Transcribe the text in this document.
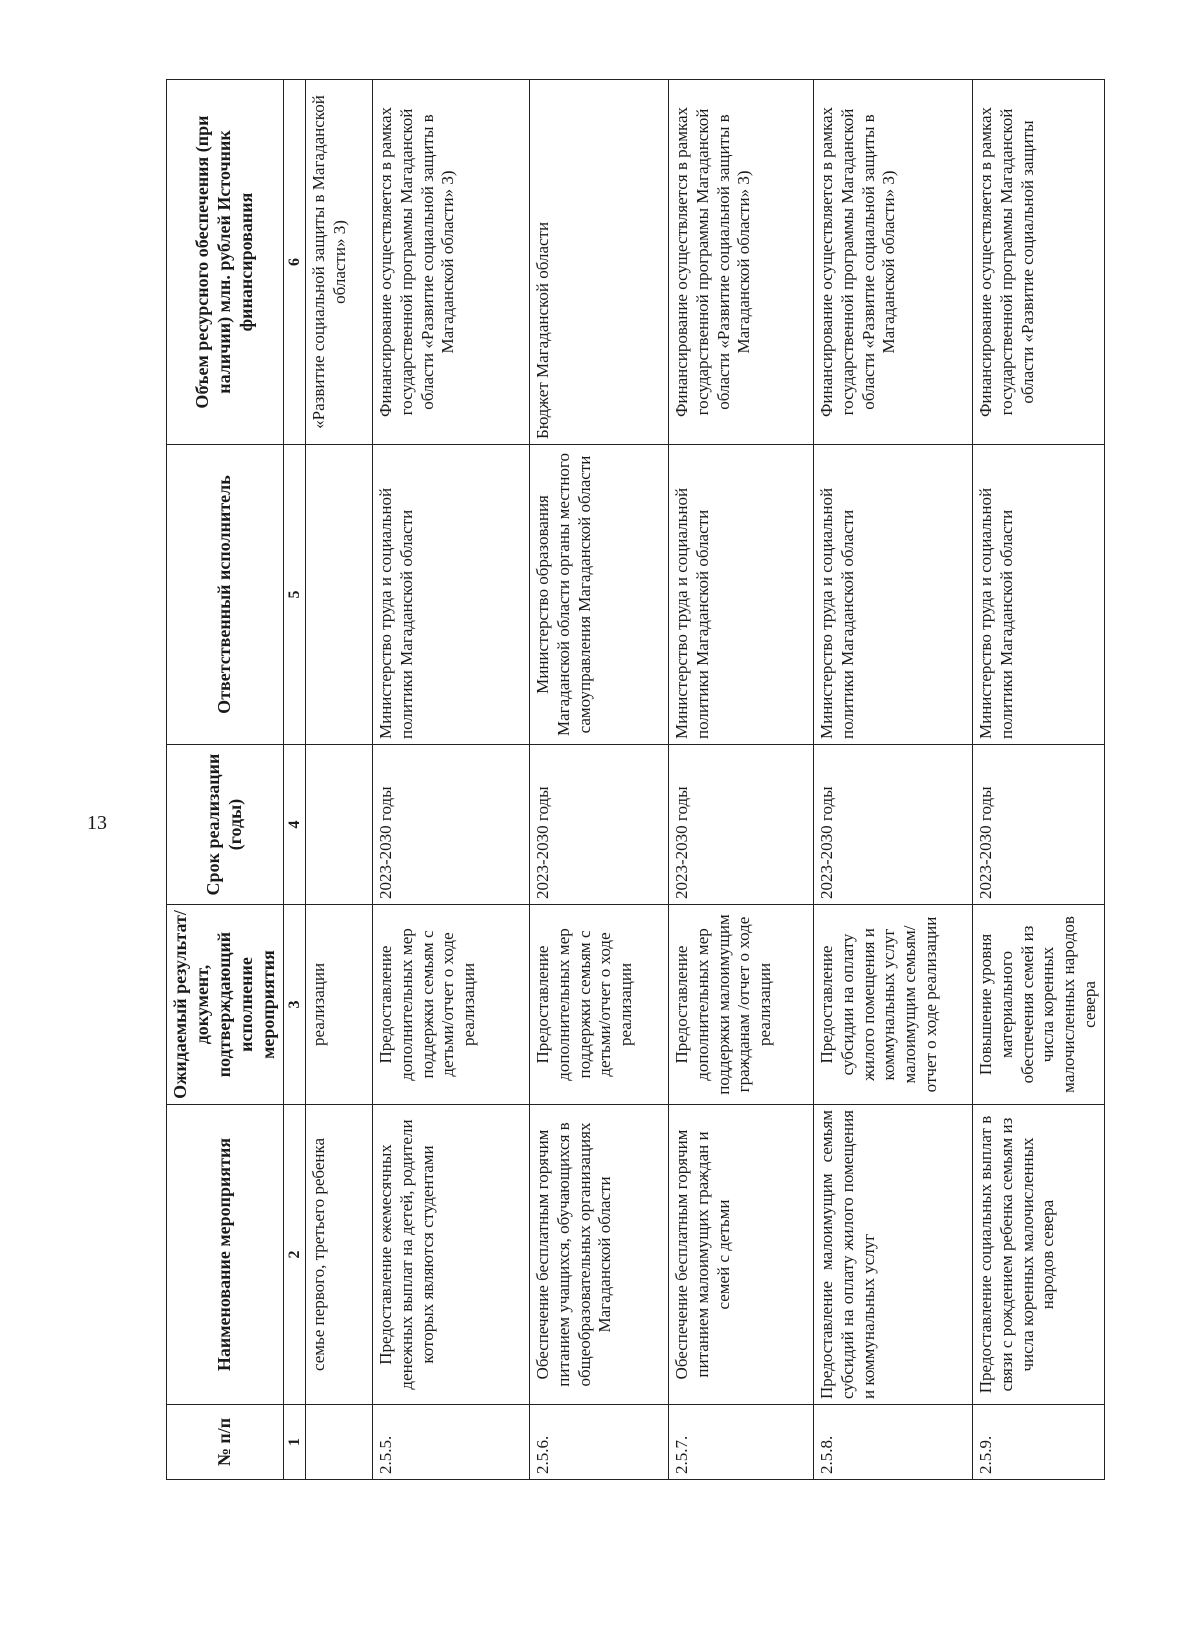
13
№ п/п	Наименование мероприятия	Ожидаемый результат/ документ, подтверждающий исполнение мероприятия	Срок реализации (годы)	Ответственный исполнитель	Объем ресурсного обеспечения (при наличии) млн. рублей Источник финансирования
1	2	3	4	5	6
	семье первого, третьего ребенка	реализации			«Развитие социальной защиты в Магаданской области» 3)
2.5.5.	Предоставление ежемесячных денежных выплат на детей, родители которых являются студентами	Предоставление дополнительных мер поддержки семьям с детьми/отчет о ходе реализации	2023-2030 годы	Министерство труда и социальной политики Магаданской области	Финансирование осуществляется в рамках государственной программы Магаданской области «Развитие социальной защиты в Магаданской области» 3)
2.5.6.	Обеспечение бесплатным горячим питанием учащихся, обучающихся в общеобразовательных организациях Магаданской области	Предоставление дополнительных мер поддержки семьям с детьми/отчет о ходе реализации	2023-2030 годы	Министерство образования Магаданской области органы местного самоуправления Магаданской области	Бюджет Магаданской области
2.5.7.	Обеспечение бесплатным горячим питанием малоимущих граждан и семей с детьми	Предоставление дополнительных мер поддержки малоимущим гражданам /отчет о ходе реализации	2023-2030 годы	Министерство труда и социальной политики Магаданской области	Финансирование осуществляется в рамках государственной программы Магаданской области «Развитие социальной защиты в Магаданской области» 3)
2.5.8.	Предоставление малоимущим семьям субсидий на оплату жилого помещения и коммунальных услуг	Предоставление субсидии на оплату жилого помещения и коммунальных услуг малоимущим семьям/отчет о ходе реализации	2023-2030 годы	Министерство труда и социальной политики Магаданской области	Финансирование осуществляется в рамках государственной программы Магаданской области «Развитие социальной защиты в Магаданской области» 3)
2.5.9.	Предоставление социальных выплат в связи с рождением ребенка семьям из числа коренных малочисленных народов севера	Повышение уровня материального обеспечения семей из числа коренных малочисленных народов севера	2023-2030 годы	Министерство труда и социальной политики Магаданской области	Финансирование осуществляется в рамках государственной программы Магаданской области «Развитие социальной защиты
